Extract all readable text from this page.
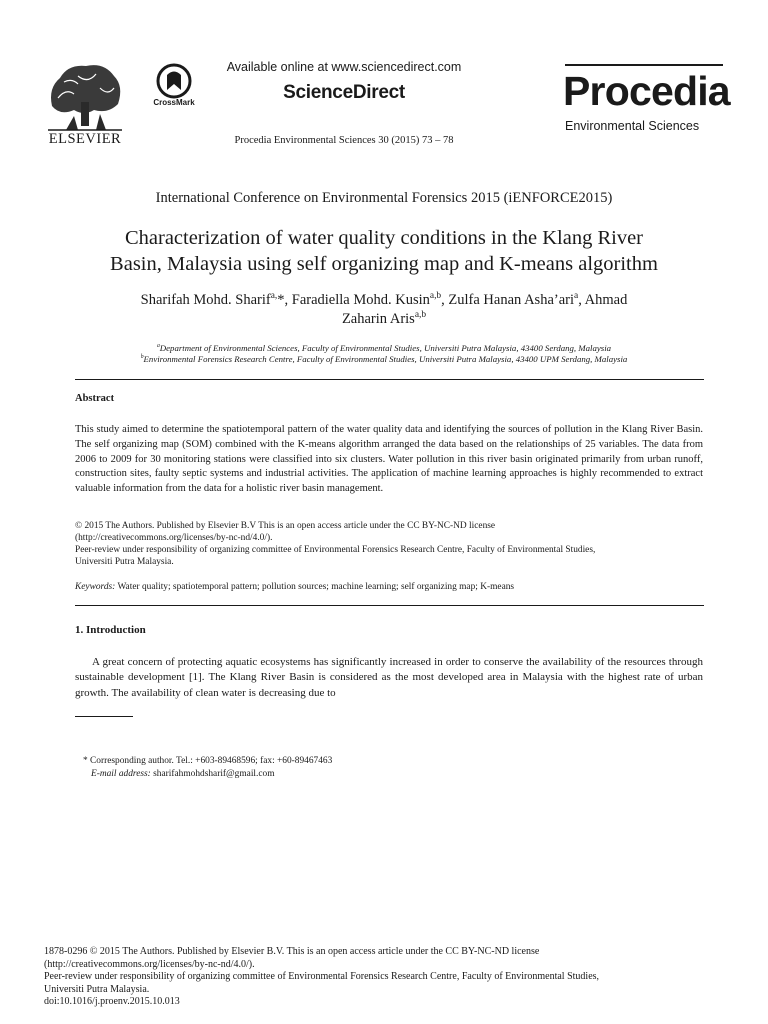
ELSEVIER
CrossMark
Available online at www.sciencedirect.com
ScienceDirect
Procedia Environmental Sciences 30 (2015) 73 – 78
Procedia
Environmental Sciences
International Conference on Environmental Forensics 2015 (iENFORCE2015)
Characterization of water quality conditions in the Klang River
Basin, Malaysia using self organizing map and K-means algorithm
Sharifah Mohd. Sharif$^{a,}$*, Faradiella Mohd. Kusin$^{a,b}$, Zulfa Hanan Asha’ari$^a$, Ahmad
Zaharin Aris$^{a,b}$
$^a$Department of Environmental Sciences, Faculty of Environmental Studies, Universiti Putra Malaysia, 43400 Serdang, Malaysia
$^b$Environmental Forensics Research Centre, Faculty of Environmental Studies, Universiti Putra Malaysia, 43400 UPM Serdang, Malaysia
Abstract
This study aimed to determine the spatiotemporal pattern of the water quality data and identifying the sources of pollution in the Klang River Basin. The self organizing map (SOM) combined with the K-means algorithm arranged the data based on the relationships of 25 variables. The data from 2006 to 2009 for 30 monitoring stations were classified into six clusters. Water pollution in this river basin originated primarily from urban runoff, construction sites, faulty septic systems and industrial activities. The application of machine learning approaches is highly recommended to extract valuable information from the data for a holistic river basin management.
© 2015 The Authors. Published by Elsevier B.V This is an open access article under the CC BY-NC-ND license
(http://creativecommons.org/licenses/by-nc-nd/4.0/).
Peer-review under responsibility of organizing committee of Environmental Forensics Research Centre, Faculty of Environmental Studies,
Universiti Putra Malaysia.
Keywords: Water quality; spatiotemporal pattern; pollution sources; machine learning; self organizing map; K-means
1. Introduction
A great concern of protecting aquatic ecosystems has significantly increased in order to conserve the availability of the resources through sustainable development [1]. The Klang River Basin is considered as the most developed area in Malaysia with the highest rate of urban growth. The availability of clean water is decreasing due to
* Corresponding author. Tel.: +603-89468596; fax: +60-89467463
E-mail address: sharifahmohdsharif@gmail.com
1878-0296 © 2015 The Authors. Published by Elsevier B.V. This is an open access article under the CC BY-NC-ND license
(http://creativecommons.org/licenses/by-nc-nd/4.0/).
Peer-review under responsibility of organizing committee of Environmental Forensics Research Centre, Faculty of Environmental Studies,
Universiti Putra Malaysia.
doi:10.1016/j.proenv.2015.10.013
